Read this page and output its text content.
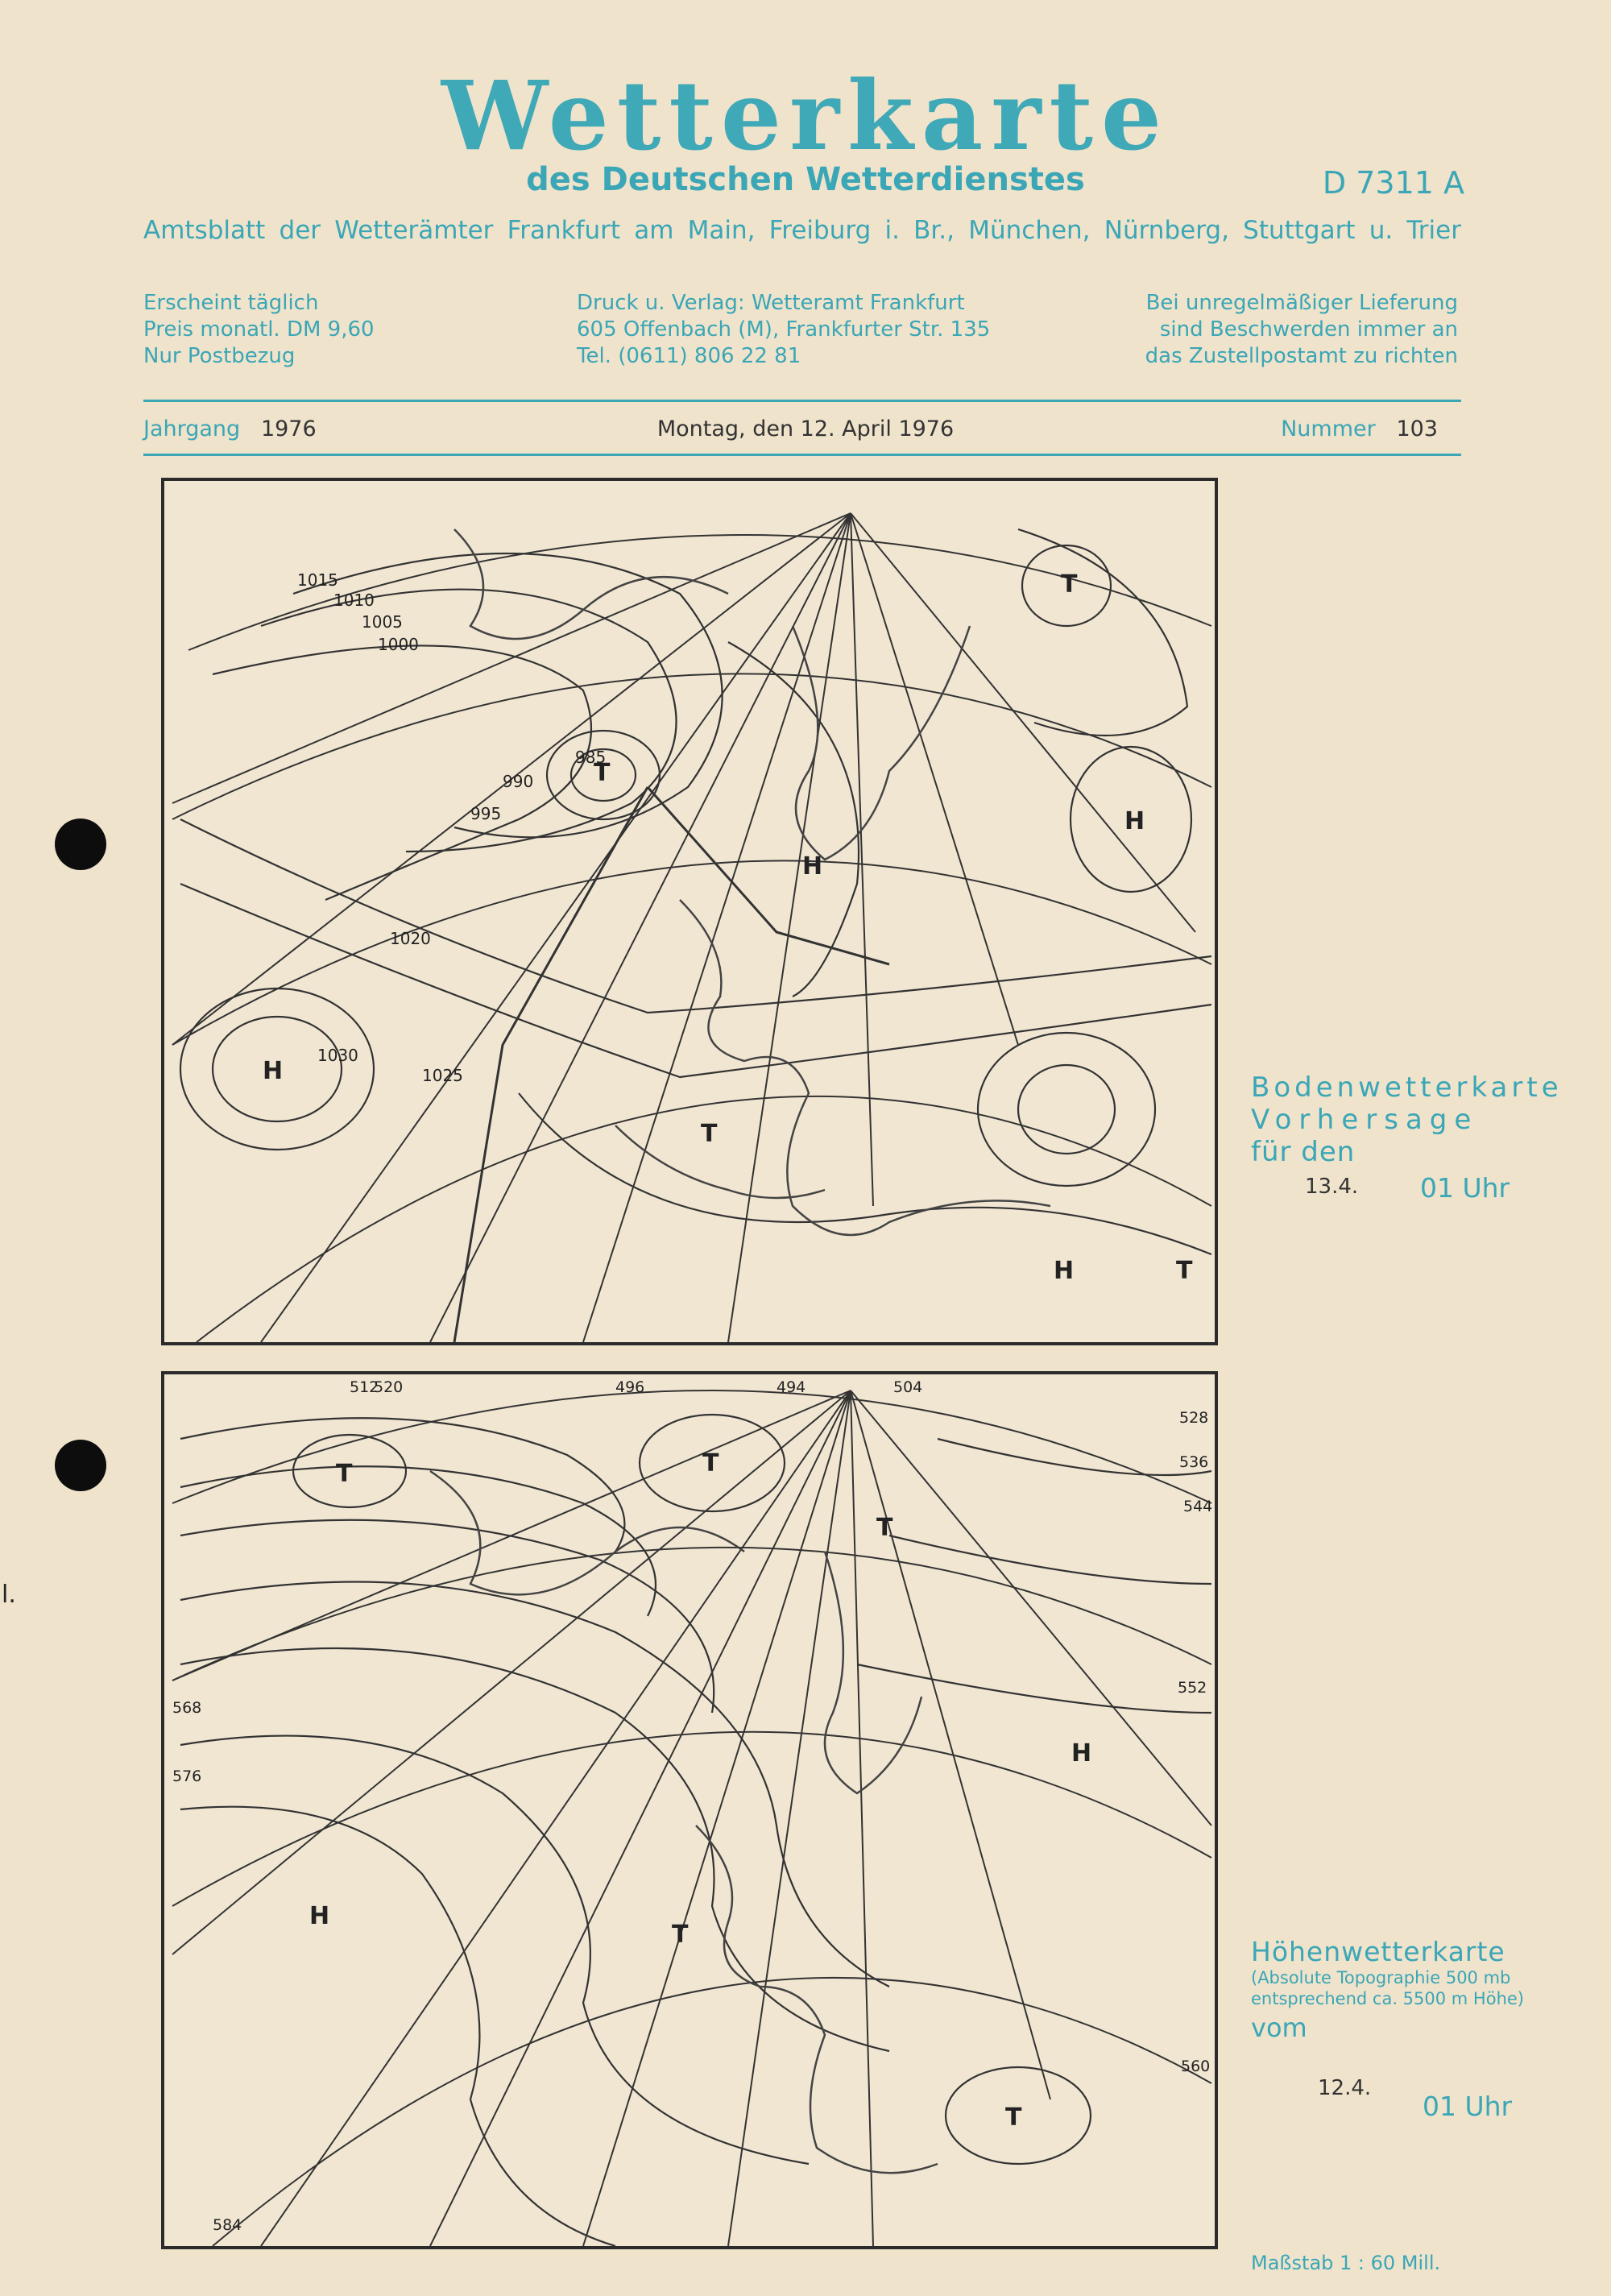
Wetterkarte
des Deutschen Wetterdienstes	D 7311 A
Amtsblatt der Wetterämter Frankfurt am Main, Freiburg i. Br., München, Nürnberg, Stuttgart u. Trier
Erscheint täglich
Preis monatl. DM 9,60
Nur Postbezug
Druck u. Verlag: Wetteramt Frankfurt
605 Offenbach (M), Frankfurter Str. 135
Tel. (0611) 806 22 81
Bei unregelmäßiger Lieferung
sind Beschwerden immer an
das Zustellpostamt zu richten
Jahrgang 1976	Montag, den 12. April 1976	Nummer 103
1015
1010
1005
1000
995
990
985
1020
1025
1030
H
H
H
H
T
T
T
T
Bodenwetterkarte
Vorhersage
für den
13.4. 01 Uhr
512
520
528
536
544
552
560
568
576
584
496	504
494
H
H
T	T
T
T
T
Höhenwetterkarte
(Absolute Topographie 500 mb
entsprechend ca. 5500 m Höhe)
vom
12.4.
01 Uhr
Maßstab 1 : 60 Mill.
l.
